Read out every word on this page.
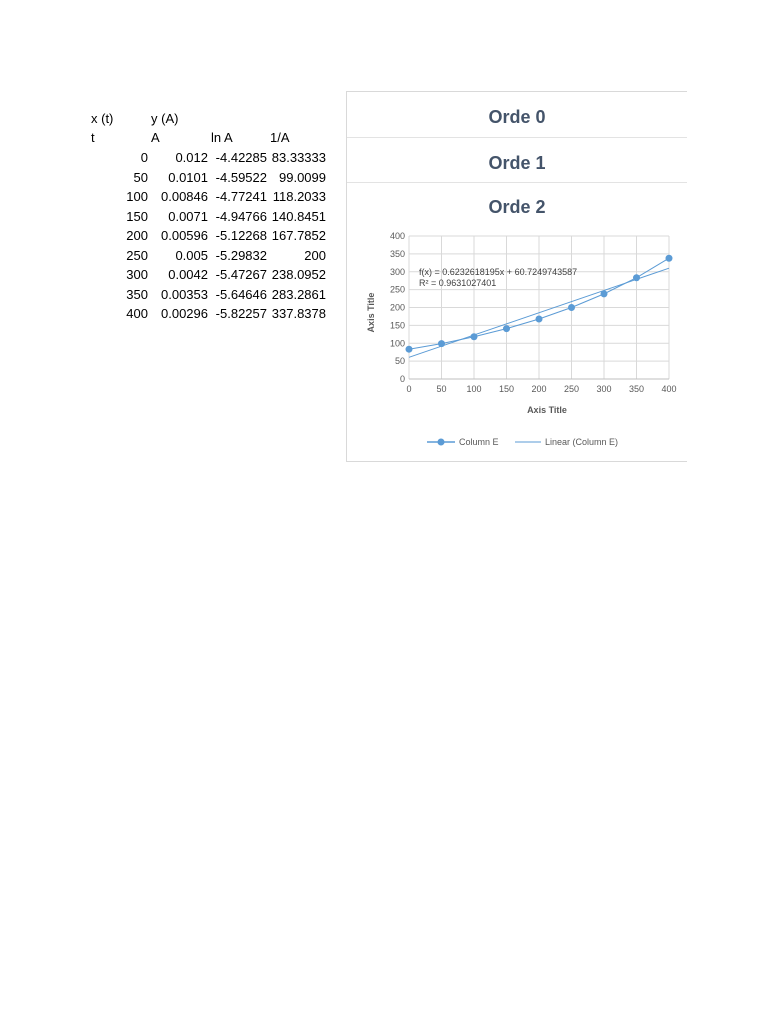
x (t)	y (A)
t	A	ln A	1/A
0	0.012 -4.42285 83.33333
50	0.0101 -4.59522 99.0099
100	0.00846 -4.77241 118.2033
150	0.0071 -4.94766 140.8451
200	0.00596 -5.12268 167.7852
250	0.005 -5.29832	200
300	0.0042 -5.47267 238.0952
350	0.00353 -5.64646 283.2861
400	0.00296 -5.82257 337.8378
Orde 0
Orde 1
Orde 2
0
50
100
150
200
250
300
350
400
0	50 100 150 200 250 300 350 400
f(x) = 0.6232618195x + 60.7249743587
R² = 0.9631027401
Axis Title
Axis Title
Column E	Linear (Column E)
